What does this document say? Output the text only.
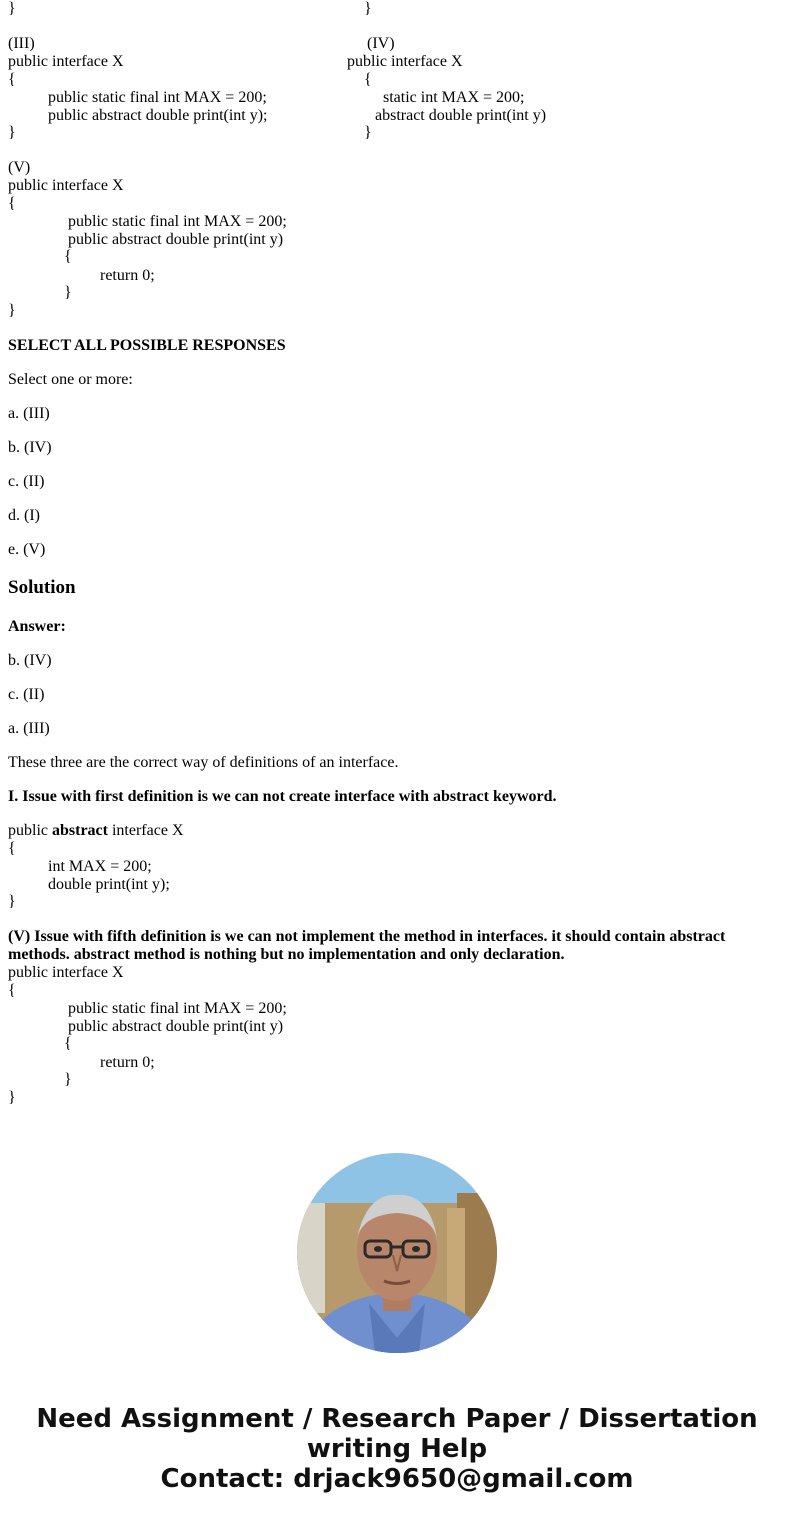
}	}
(III)
public interface X
{
public static final int MAX = 200;
public abstract double print(int y);
}
(IV)
public interface X
{
static int MAX = 200;
abstract double print(int y)
}
(V)
public interface X
{
public static final int MAX = 200;
public abstract double print(int y)
{
return 0;
}
}
SELECT ALL POSSIBLE RESPONSES
Select one or more:
a. (III)
b. (IV)
c. (II)
d. (I)
e. (V)
Solution
Answer:
b. (IV)
c. (II)
a. (III)
These three are the correct way of definitions of an interface.
I. Issue with first definition is we can not create interface with abstract keyword.
public abstract interface X
{
int MAX = 200;
double print(int y);
}
(V) Issue with fifth definition is we can not implement the method in interfaces. it should contain abstract methods. abstract method is nothing but no implementation and only declaration.
public interface X
{
public static final int MAX = 200;
public abstract double print(int y)
{
return 0;
}
}
Need Assignment / Research Paper / Dissertation
writing Help
Contact: drjack9650@gmail.com
